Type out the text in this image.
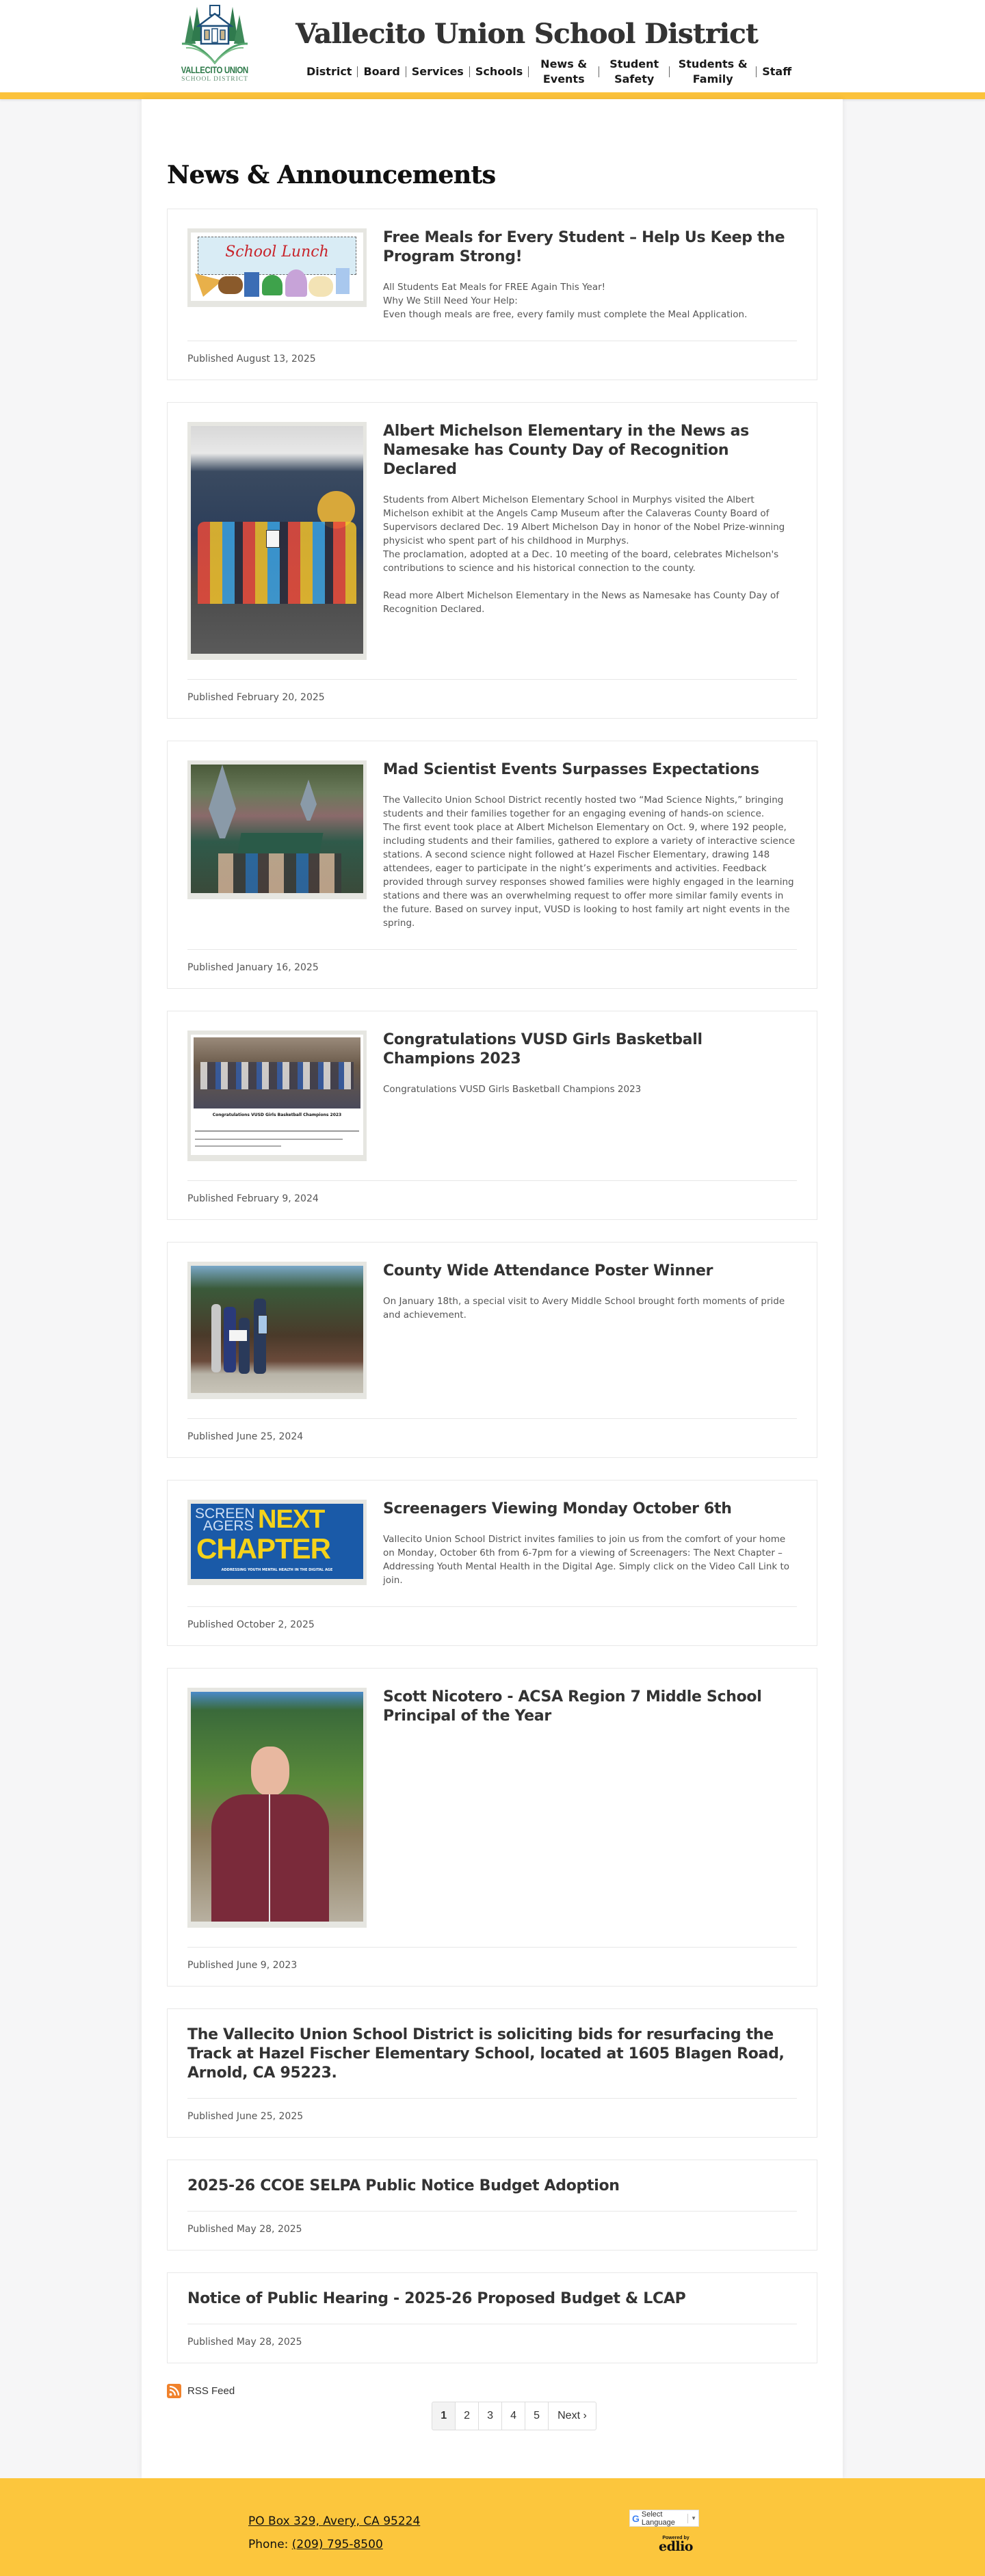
VALLECITO UNION
SCHOOL DISTRICT
Vallecito Union School District
District	Board	Services	Schools
News & Events
Student Safety
Students & Family
Staff
News & Announcements
School Lunch
Free Meals for Every Student – Help Us Keep the Program Strong!

All Students Eat Meals for FREE Again This Year!

Why We Still Need Your Help:

Even though meals are free, every family must complete the Meal Application.

Published August 13, 2025
Albert Michelson Elementary in the News as Namesake has County Day of Recognition Declared

Students from Albert Michelson Elementary School in Murphys visited the Albert Michelson exhibit at the Angels Camp Museum after the Calaveras County Board of Supervisors declared Dec. 19 Albert Michelson Day in honor of the Nobel Prize-winning physicist who spent part of his childhood in Murphys.

The proclamation, adopted at a Dec. 10 meeting of the board, celebrates Michelson's contributions to science and his historical connection to the county.

Read more Albert Michelson Elementary in the News as Namesake has County Day of Recognition Declared.

Published February 20, 2025
Mad Scientist Events Surpasses Expectations

The Vallecito Union School District recently hosted two “Mad Science Nights,” bringing students and their families together for an engaging evening of hands-on science.

The first event took place at Albert Michelson Elementary on Oct. 9, where 192 people, including students and their families, gathered to explore a variety of interactive science stations. A second science night followed at Hazel Fischer Elementary, drawing 148 attendees, eager to participate in the night’s experiments and activities. Feedback provided through survey responses showed families were highly engaged in the learning stations and there was an overwhelming request to offer more similar family events in the future. Based on survey input, VUSD is looking to host family art night events in the spring.

Published January 16, 2025
Congratulations VUSD Girls Basketball Champions 2023
Congratulations VUSD Girls Basketball Champions 2023

Congratulations VUSD Girls Basketball Champions 2023

Published February 9, 2024
County Wide Attendance Poster Winner

On January 18th, a special visit to Avery Middle School brought forth moments of pride and achievement.

Published June 25, 2024
SCREEN
AGERS NEXT
CHAPTER
ADDRESSING YOUTH MENTAL HEALTH IN THE DIGITAL AGE
Screenagers Viewing Monday October 6th

Vallecito Union School District invites families to join us from the comfort of your home on Monday, October 6th from 6-7pm for a viewing of Screenagers: The Next Chapter – Addressing Youth Mental Health in the Digital Age. Simply click on the Video Call Link to join.

Published October 2, 2025
Scott Nicotero - ACSA Region 7 Middle School Principal of the Year
Published June 9, 2023
The Vallecito Union School District is soliciting bids for resurfacing the Track at Hazel Fischer Elementary School, located at 1605 Blagen Road, Arnold, CA 95223.
Published June 25, 2025
2025-26 CCOE SELPA Public Notice Budget Adoption
Published May 28, 2025
Notice of Public Hearing - 2025-26 Proposed Budget & LCAP
Published May 28, 2025
RSS Feed
1	2	3	4	5	Next ›
PO Box 329, Avery, CA 95224
Phone: (209) 795-8500
G Select Language	▼
Powered by
edlio
